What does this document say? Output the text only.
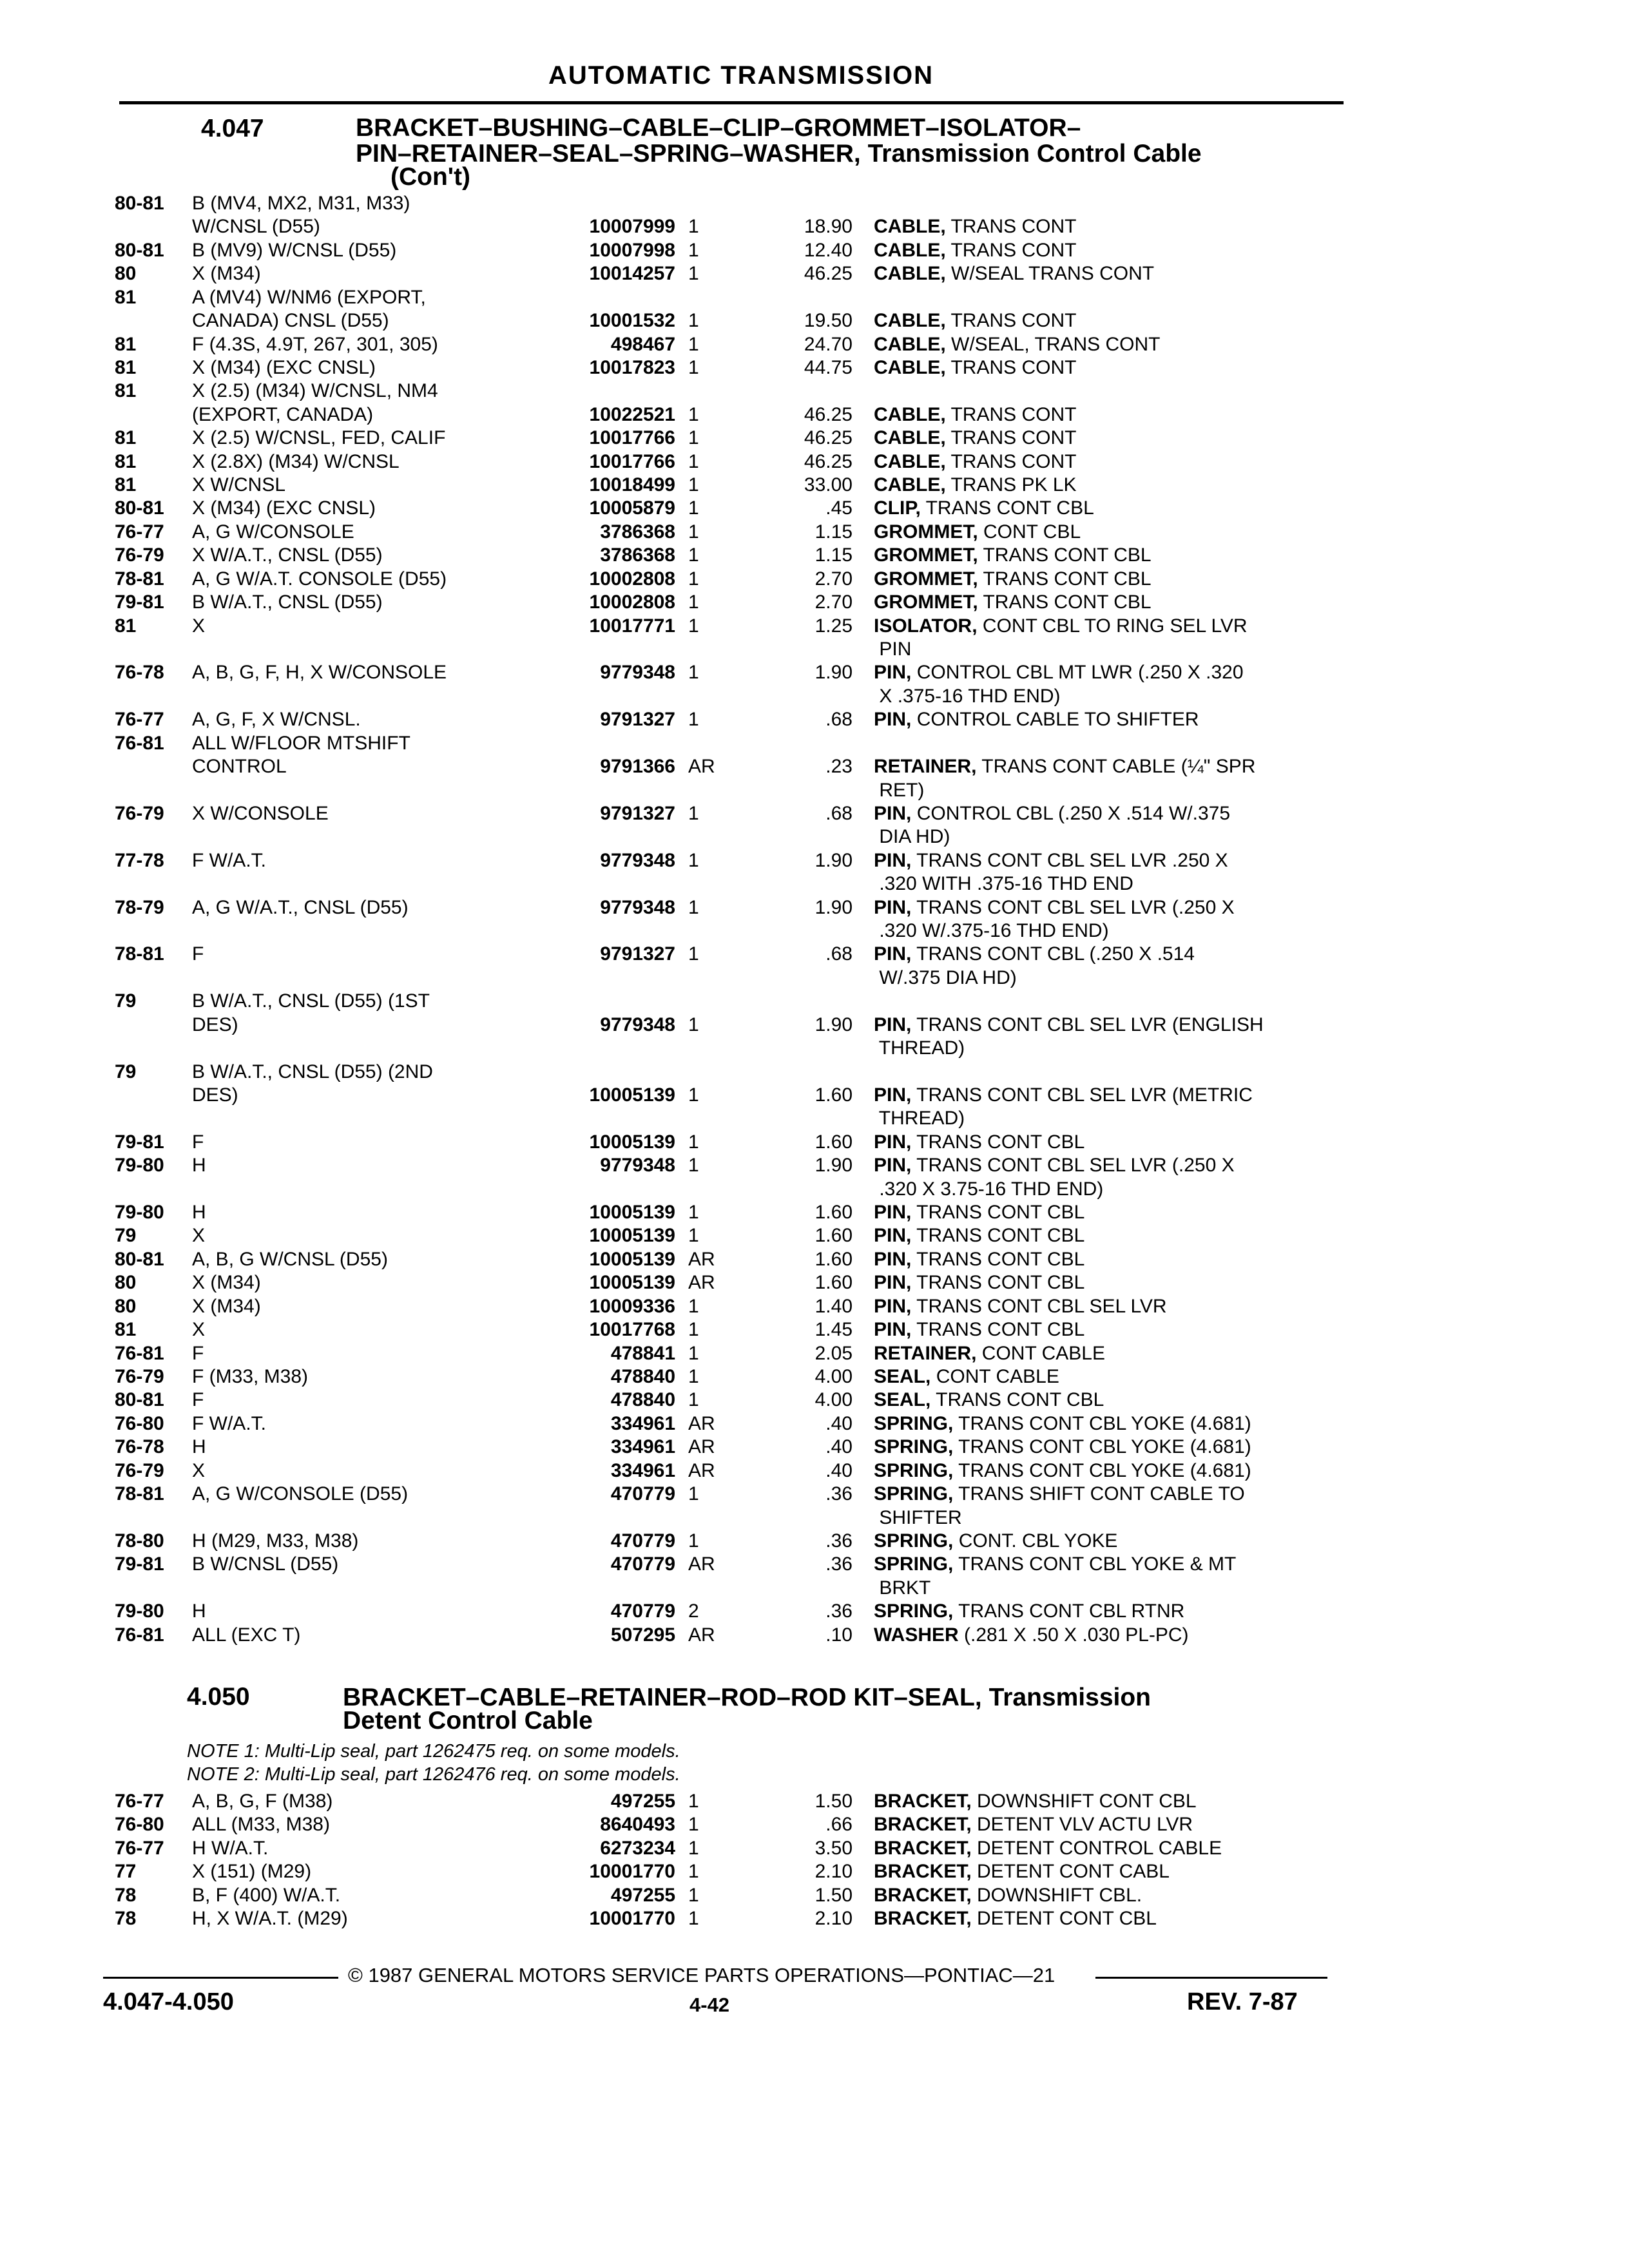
AUTOMATIC TRANSMISSION
4.047	BRACKET–BUSHING–CABLE–CLIP–GROMMET–ISOLATOR–
PIN–RETAINER–SEAL–SPRING–WASHER, Transmission Control Cable
(Con't)
80-81 B (MV4, MX2, M31, M33)

W/CNSL (D55)	10007999 1	18.90 CABLE, TRANS CONT
80-81 B (MV9) W/CNSL (D55)	10007998 1	12.40 CABLE, TRANS CONT
80	X (M34)	10014257 1	46.25 CABLE, W/SEAL TRANS CONT
81	A (MV4) W/NM6 (EXPORT,

CANADA) CNSL (D55)	10001532 1	19.50 CABLE, TRANS CONT
81	F (4.3S, 4.9T, 267, 301, 305)	498467 1	24.70 CABLE, W/SEAL, TRANS CONT
81	X (M34) (EXC CNSL)	10017823 1	44.75 CABLE, TRANS CONT
81	X (2.5) (M34) W/CNSL, NM4

(EXPORT, CANADA)	10022521 1	46.25 CABLE, TRANS CONT
81	X (2.5) W/CNSL, FED, CALIF	10017766 1	46.25 CABLE, TRANS CONT
81	X (2.8X) (M34) W/CNSL	10017766 1	46.25 CABLE, TRANS CONT
81	X W/CNSL	10018499 1	33.00 CABLE, TRANS PK LK
80-81 X (M34) (EXC CNSL)	10005879 1	.45 CLIP, TRANS CONT CBL
76-77 A, G W/CONSOLE	3786368 1	1.15 GROMMET, CONT CBL
76-79 X W/A.T., CNSL (D55)	3786368 1	1.15 GROMMET, TRANS CONT CBL
78-81 A, G W/A.T. CONSOLE (D55)	10002808 1	2.70 GROMMET, TRANS CONT CBL
79-81 B W/A.T., CNSL (D55)	10002808 1	2.70 GROMMET, TRANS CONT CBL
81	X	10017771 1	1.25 ISOLATOR, CONT CBL TO RING SEL LVR
PIN
76-78 A, B, G, F, H, X W/CONSOLE	9779348 1	1.90 PIN, CONTROL CBL MT LWR (.250 X .320
X .375-16 THD END)
76-77 A, G, F, X W/CNSL.	9791327 1	.68 PIN, CONTROL CABLE TO SHIFTER
76-81 ALL W/FLOOR MTSHIFT

CONTROL	9791366 AR	.23 RETAINER, TRANS CONT CABLE (¼" SPR
RET)
76-79 X W/CONSOLE	9791327 1	.68 PIN, CONTROL CBL (.250 X .514 W/.375
DIA HD)
77-78 F W/A.T.	9779348 1	1.90 PIN, TRANS CONT CBL SEL LVR .250 X
.320 WITH .375-16 THD END
78-79 A, G W/A.T., CNSL (D55)	9779348 1	1.90 PIN, TRANS CONT CBL SEL LVR (.250 X
.320 W/.375-16 THD END)
78-81 F	9791327 1	.68 PIN, TRANS CONT CBL (.250 X .514
W/.375 DIA HD)
79	B W/A.T., CNSL (D55) (1ST

DES)	9779348 1	1.90 PIN, TRANS CONT CBL SEL LVR (ENGLISH
THREAD)
79	B W/A.T., CNSL (D55) (2ND

DES)	10005139 1	1.60 PIN, TRANS CONT CBL SEL LVR (METRIC
THREAD)
79-81 F	10005139 1	1.60 PIN, TRANS CONT CBL
79-80 H	9779348 1	1.90 PIN, TRANS CONT CBL SEL LVR (.250 X
.320 X 3.75-16 THD END)
79-80 H	10005139 1	1.60 PIN, TRANS CONT CBL
79	X	10005139 1	1.60 PIN, TRANS CONT CBL
80-81 A, B, G W/CNSL (D55)	10005139 AR	1.60 PIN, TRANS CONT CBL
80	X (M34)	10005139 AR	1.60 PIN, TRANS CONT CBL
80	X (M34)	10009336 1	1.40 PIN, TRANS CONT CBL SEL LVR
81	X	10017768 1	1.45 PIN, TRANS CONT CBL
76-81 F	478841 1	2.05 RETAINER, CONT CABLE
76-79 F (M33, M38)	478840 1	4.00 SEAL, CONT CABLE
80-81 F	478840 1	4.00 SEAL, TRANS CONT CBL
76-80 F W/A.T.	334961 AR	.40 SPRING, TRANS CONT CBL YOKE (4.681)
76-78 H	334961 AR	.40 SPRING, TRANS CONT CBL YOKE (4.681)
76-79 X	334961 AR	.40 SPRING, TRANS CONT CBL YOKE (4.681)
78-81 A, G W/CONSOLE (D55)	470779 1	.36 SPRING, TRANS SHIFT CONT CABLE TO
SHIFTER
78-80 H (M29, M33, M38)	470779 1	.36 SPRING, CONT. CBL YOKE
79-81 B W/CNSL (D55)	470779 AR	.36 SPRING, TRANS CONT CBL YOKE & MT
BRKT
79-80 H	470779 2	.36 SPRING, TRANS CONT CBL RTNR
76-81 ALL (EXC T)	507295 AR	.10 WASHER (.281 X .50 X .030 PL-PC)
4.050	BRACKET–CABLE–RETAINER–ROD–ROD KIT–SEAL, Transmission
Detent Control Cable
NOTE 1: Multi-Lip seal, part 1262475 req. on some models.
NOTE 2: Multi-Lip seal, part 1262476 req. on some models.
76-77 A, B, G, F (M38)	497255 1	1.50 BRACKET, DOWNSHIFT CONT CBL
76-80 ALL (M33, M38)	8640493 1	.66 BRACKET, DETENT VLV ACTU LVR
76-77 H W/A.T.	6273234 1	3.50 BRACKET, DETENT CONTROL CABLE
77	X (151) (M29)	10001770 1	2.10 BRACKET, DETENT CONT CABL
78	B, F (400) W/A.T.	497255 1	1.50 BRACKET, DOWNSHIFT CBL.
78	H, X W/A.T. (M29)	10001770 1	2.10 BRACKET, DETENT CONT CBL
© 1987 GENERAL MOTORS SERVICE PARTS OPERATIONS—PONTIAC—21
4.047-4.050	4-42	REV. 7-87
